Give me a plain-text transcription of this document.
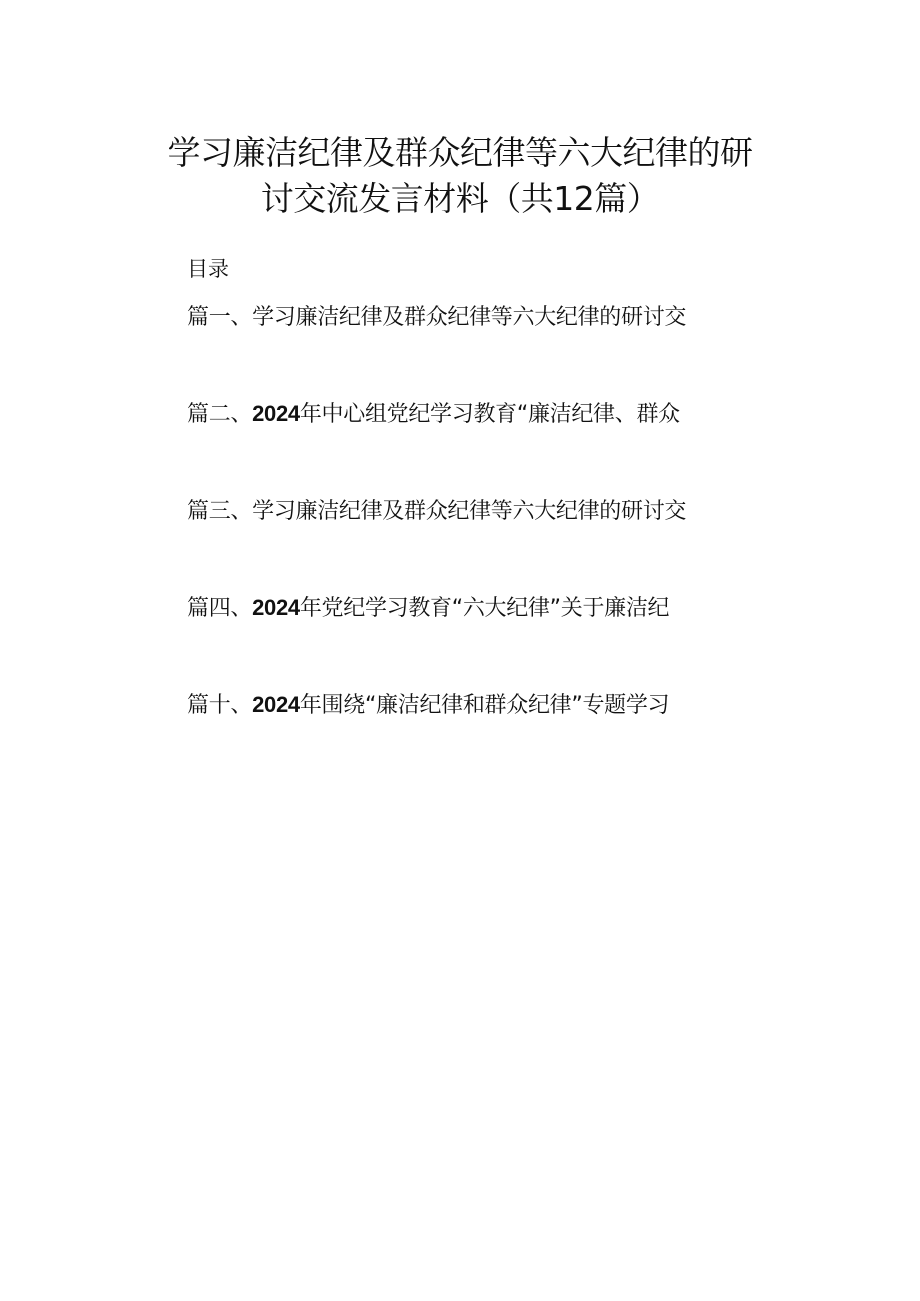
学习廉洁纪律及群众纪律等六大纪律的研
讨交流发言材料（共12篇）
目录
篇一、学习廉洁纪律及群众纪律等六大纪律的研讨交
篇二、2024年中心组党纪学习教育“廉洁纪律、群众
篇三、学习廉洁纪律及群众纪律等六大纪律的研讨交
篇四、2024年党纪学习教育“六大纪律”关于廉洁纪
篇十、2024年围绕“廉洁纪律和群众纪律”专题学习
